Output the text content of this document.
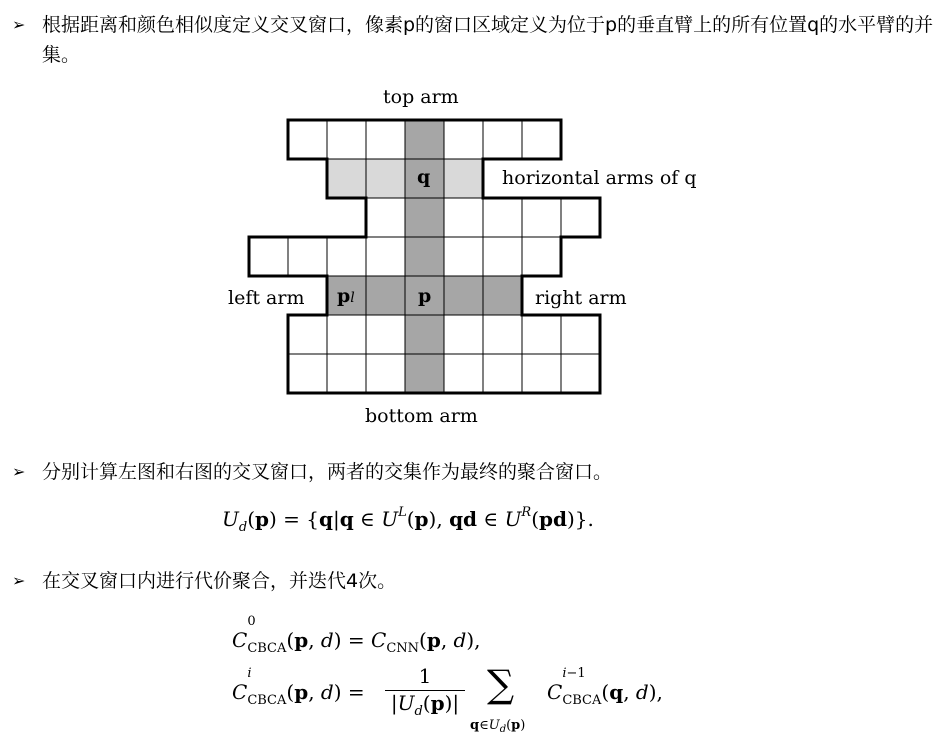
➢ 根据距离和颜色相似度定义交叉窗口，像素p的窗口区域定义为位于p的垂直臂上的所有位置q的水平臂的并集。
top arm
bottom arm
left arm	right arm
horizontal arms of q
q
p
pl
➢ 分别计算左图和右图的交叉窗口，两者的交集作为最终的聚合窗口。
$U_d(p) = \{q|q$ ∈ $U^L(p)$, qd ∈ $U^R(pd)$}.
➢ 在交叉窗口内进行代价聚合，并迭代4次。
C
0
$_{CBCA}$(p, $d) = C_{CNN}(p$, d),
C
i
$_{CBCA}$(p, $d) = \frac{1}{|U_d(p)|}$ ∑
$q\in U_d(p)$
C
i−1
$_{CBCA}$(q, d),
